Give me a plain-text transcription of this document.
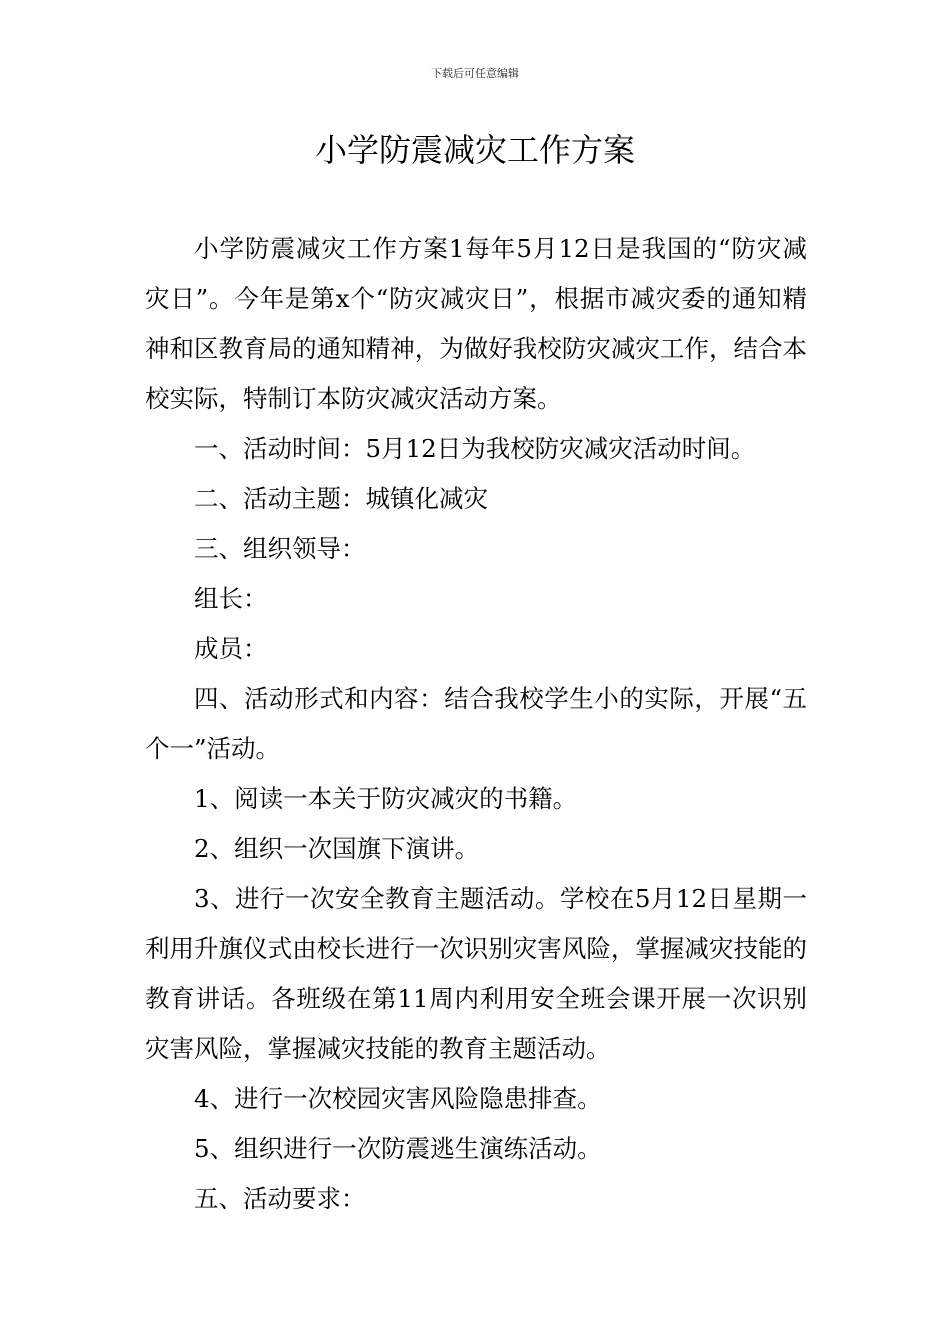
下载后可任意编辑
小学防震减灾工作方案

小学防震减灾工作方案1每年5月12日是我国的“防灾减灾日”。今年是第x个“防灾减灾日”，根据市减灾委的通知精神和区教育局的通知精神，为做好我校防灾减灾工作，结合本校实际，特制订本防灾减灾活动方案。

一、活动时间：5月12日为我校防灾减灾活动时间。

二、活动主题：城镇化减灾

三、组织领导：

组长：

成员：

四、活动形式和内容：结合我校学生小的实际，开展“五个一”活动。

1、阅读一本关于防灾减灾的书籍。

2、组织一次国旗下演讲。

3、进行一次安全教育主题活动。学校在5月12日星期一利用升旗仪式由校长进行一次识别灾害风险，掌握减灾技能的教育讲话。各班级在第11周内利用安全班会课开展一次识别灾害风险，掌握减灾技能的教育主题活动。

4、进行一次校园灾害风险隐患排查。

5、组织进行一次防震逃生演练活动。

五、活动要求：
